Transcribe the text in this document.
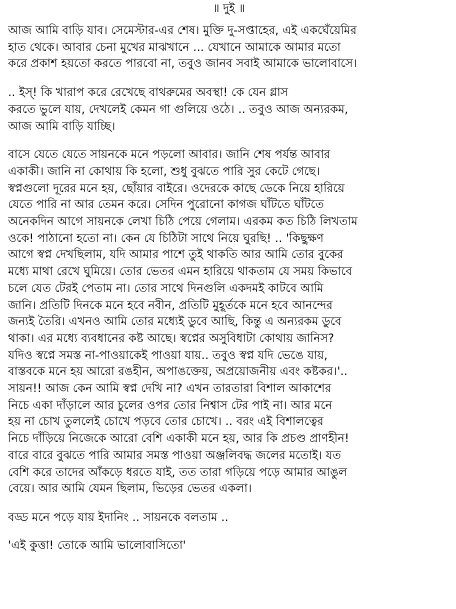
॥ দুই ॥
আজ আমি বাড়ি যাব। সেমেস্টার-এর শেষ। মুক্তি দু-সপ্তাহের, এই একঘেঁয়েমির
হাত থেকে। আবার চেনা মুখের মাঝখানে ... যেখানে আমাকে আমার মতো
করে প্রকাশ হয়তো করতে পারবো না, তবুও জানব সবাই আমাকে ভালোবাসে।
.. ইস্! কি খারাপ করে রেখেছে বাথরুমের অবস্থা! কে যেন গ্লাস
করতে ভুলে যায়, দেখলেই কেমন গা গুলিয়ে ওঠে। .. তবুও আজ অন্যরকম,
আজ আমি বাড়ি যাচ্ছি।
বাসে যেতে যেতে সায়নকে মনে পড়লো আবার। জানি শেষ পর্যন্ত আবার
একাকী। জানি না কোথায় কি হলো, শুধু বুঝতে পারি সুর কেটে গেছে।
স্বপ্নগুলো দূরের মনে হয়, ছোঁয়ার বাইরে। ওদেরকে কাছে ডেকে নিয়ে হারিয়ে
যেতে পারি না আর তেমন করে। সেদিন পুরোনো কাগজ ঘাঁটতে ঘাঁটতে
অনেকদিন আগে সায়নকে লেখা চিঠি পেয়ে গেলাম। এরকম কত চিঠি লিখতাম
ওকে! পাঠানো হতো না। কেন যে চিঠিটা সাথে নিয়ে ঘুরছি! .. 'কিছুক্ষণ
আগে স্বপ্ন দেখছিলাম, যদি আমার পাশে তুই থাকতি আর আমি তোর বুকের
মধ্যে মাথা রেখে ঘুমিয়ে। তোর ভেতর এমন হারিয়ে থাকতাম যে সময় কিভাবে
চলে যেত টেরই পেতাম না। তোর সাথে দিনগুলি একদমই কাটবে আমি
জানি। প্রতিটি দিনকে মনে হবে নবীন, প্রতিটি মুহূর্তকে মনে হবে আনন্দের
জন্যই তৈরি। এখনও আমি তোর মধ্যেই ডুবে আছি, কিন্তু এ অন্যরকম ডুবে
থাকা। এর মধ্যে ব্যবধানের কষ্ট আছে। স্বপ্নের অসুবিধাটা কোথায় জানিস?
যদিও স্বপ্নে সমস্ত না-পাওয়াকেই পাওয়া যায়.. তবুও স্বপ্ন যদি ভেঙে যায়,
বাস্তবকে মনে হয় আরো রঙহীন, অপাঙক্তেয়, অপ্রয়োজনীয় এবং কষ্টকর।'..
সায়ন!! আজ কেন আমি স্বপ্ন দেখি না? এখন তারতারা বিশাল আকাশের
নিচে একা দাঁড়ালে আর চুলের ওপর তোর নিশ্বাস টের পাই না। আর মনে
হয় না চোখ তুললেই চোখে পড়বে তোর চোখে। .. বরং এই বিশালত্বের
নিচে দাঁড়িয়ে নিজেকে আরো বেশি একাকী মনে হয়, আর কি প্রচণ্ড প্রাণহীন!
বারে বারে বুঝতে পারি আমার সমস্ত পাওয়া অঞ্জলিবদ্ধ জলের মতোই। যত
বেশি করে তাদের আঁকড়ে ধরতে যাই, তত তারা গড়িয়ে পড়ে আমার আঙুল
বেয়ে। আর আমি যেমন ছিলাম, ভিড়ের ভেতর একলা।
বড্ড মনে পড়ে যায় ইদানিং .. সায়নকে বলতাম ..
'এই কুত্তা! তোকে আমি ভালোবাসিতো'
